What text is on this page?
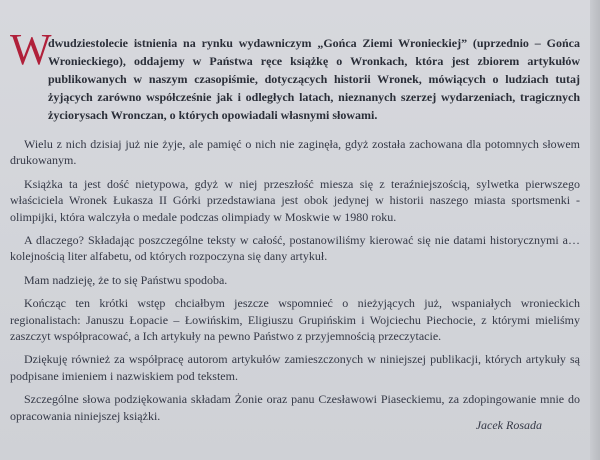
W
dwudziestolecie istnienia na rynku wydawniczym „Gońca Ziemi Wronieckiej” (uprzednio – Gońca Wronieckiego), oddajemy w Państwa ręce książkę o Wronkach, która jest zbiorem artykułów publikowanych w naszym czasopiśmie, dotyczących historii Wronek, mówiących o ludziach tutaj żyjących zarówno współcześnie jak i odległych latach, nieznanych szerzej wydarzeniach, tragicznych życiorysach Wronczan, o których opowiadali własnymi słowami.

Wielu z nich dzisiaj już nie żyje, ale pamięć o nich nie zaginęła, gdyż została zachowana dla potomnych słowem drukowanym.

Książka ta jest dość nietypowa, gdyż w niej przeszłość miesza się z teraźniejszością, sylwetka pierwszego właściciela Wronek Łukasza II Górki przedstawiana jest obok jedynej w historii naszego miasta sportsmenki - olimpijki, która walczyła o medale podczas olimpiady w Moskwie w 1980 roku.

A dlaczego? Składając poszczególne teksty w całość, postanowiliśmy kierować się nie datami historycznymi a… kolejnością liter alfabetu, od których rozpoczyna się dany artykuł.

Mam nadzieję, że to się Państwu spodoba.

Kończąc ten krótki wstęp chciałbym jeszcze wspomnieć o nieżyjących już, wspaniałych wronieckich regionalistach: Januszu Łopacie – Łowińskim, Eligiuszu Grupińskim i Wojciechu Piechocie, z którymi mieliśmy zaszczyt współpracować, a Ich artykuły na pewno Państwo z przyjemnością przeczytacie.

Dziękuję również za współpracę autorom artykułów zamieszczonych w niniejszej publikacji, których artykuły są podpisane imieniem i nazwiskiem pod tekstem.

Szczególne słowa podziękowania składam Żonie oraz panu Czesławowi Piaseckiemu, za zdopingowanie mnie do opracowania niniejszej książki.

Jacek Rosada
